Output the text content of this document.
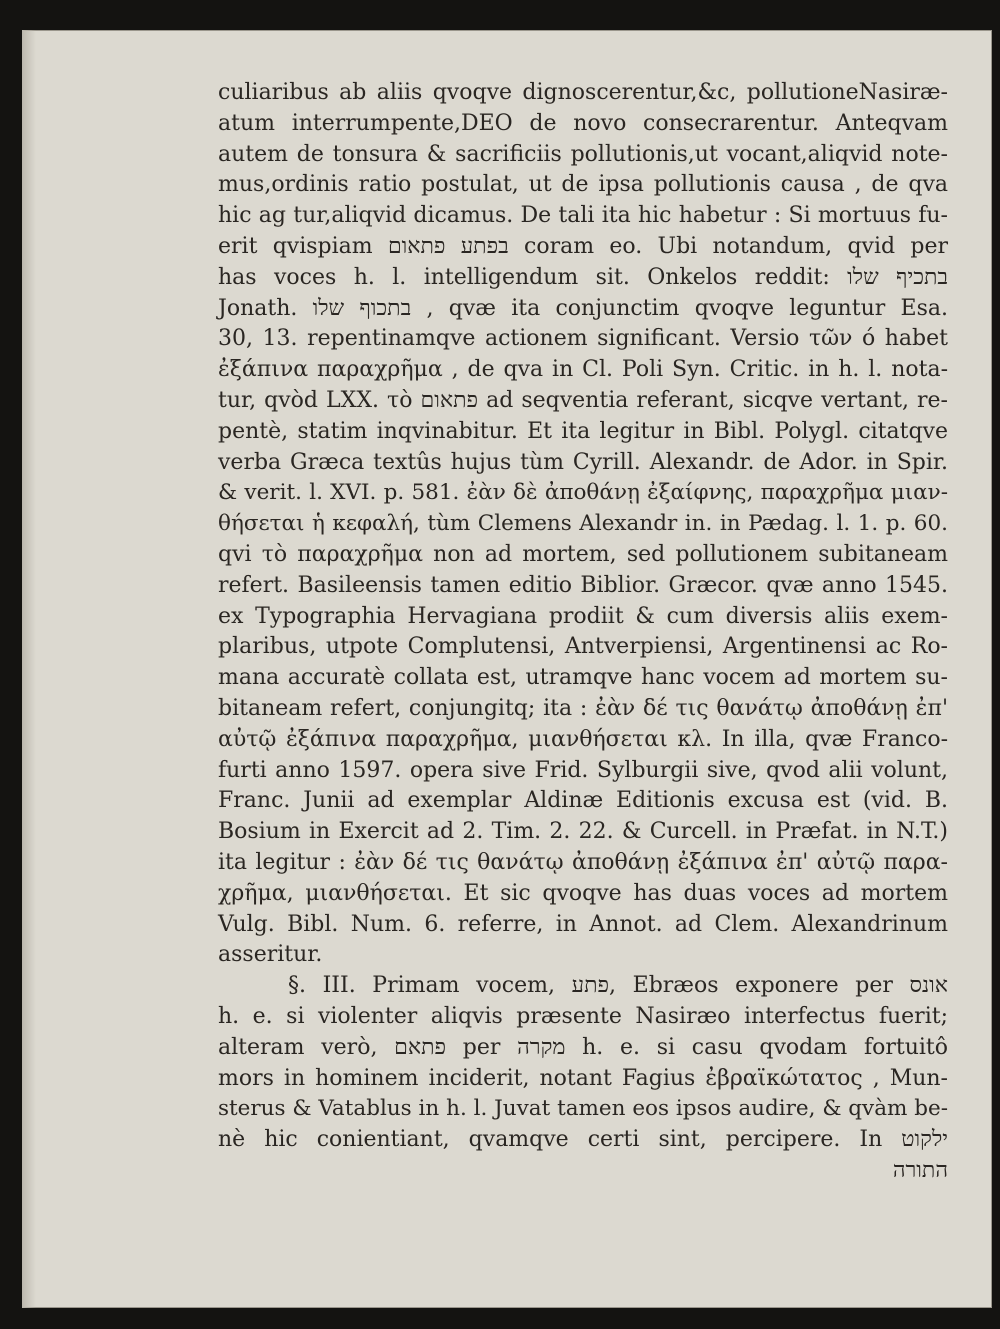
culiaribus ab aliis qvoqve dignoscerentur,&c, pollutioneNasiræ-
atum interrumpente,DEO de novo consecrarentur. Anteqvam
autem de tonsura & sacrificiis pollutionis,ut vocant,aliqvid note-
mus,ordinis ratio postulat, ut de ipsa pollutionis causa , de qva
hic ag tur,aliqvid dicamus. De tali ita hic habetur : Si mortuus fu-
erit qvispiam בפתע פתאום coram eo. Ubi notandum, qvid per
has voces h. l. intelligendum sit. Onkelos reddit: בתכיף שלו
Jonath. בתכוף שלו , qvæ ita conjunctim qvoqve leguntur Esa.
30, 13. repentinamqve actionem significant. Versio τῶν ό habet
ἐξάπινα παραχρῆμα , de qva in Cl. Poli Syn. Critic. in h. l. nota-
tur, qvòd LXX. τὸ פתאום ad seqventia referant, sicqve vertant, re-
pentè, statim inqvinabitur. Et ita legitur in Bibl. Polygl. citatqve
verba Græca textûs hujus tùm Cyrill. Alexandr. de Ador. in Spir.
& verit. l. XVI. p. 581. ἐὰν δὲ ἀποθάνῃ ἐξαίφνης, παραχρῆμα μιαν-
θήσεται ἡ κεφαλή, tùm Clemens Alexandr in. in Pædag. l. 1. p. 60.
qvi τὸ παραχρῆμα non ad mortem, sed pollutionem subitaneam
refert. Basileensis tamen editio Biblior. Græcor. qvæ anno 1545.
ex Typographia Hervagiana prodiit & cum diversis aliis exem-
plaribus, utpote Complutensi, Antverpiensi, Argentinensi ac Ro-
mana accuratè collata est, utramqve hanc vocem ad mortem su-
bitaneam refert, conjungitq; ita : ἐὰν δέ τις θανάτῳ ἀποθάνῃ ἐπ'
αὐτῷ ἐξάπινα παραχρῆμα, μιανθήσεται κλ. In illa, qvæ Franco-
furti anno 1597. opera sive Frid. Sylburgii sive, qvod alii volunt,
Franc. Junii ad exemplar Aldinæ Editionis excusa est (vid. B.
Bosium in Exercit ad 2. Tim. 2. 22. & Curcell. in Præfat. in N.T.)
ita legitur : ἐὰν δέ τις θανάτῳ ἀποθάνῃ ἐξάπινα ἐπ' αὐτῷ παρα-
χρῆμα, μιανθήσεται. Et sic qvoqve has duas voces ad mortem
Vulg. Bibl. Num. 6. referre, in Annot. ad Clem. Alexandrinum
asseritur.
§. III. Primam vocem, פתע, Ebræos exponere per אונס
h. e. si violenter aliqvis præsente Nasiræo interfectus fuerit;
alteram verò, פתאם per מקרה h. e. si casu qvodam fortuitô
mors in hominem inciderit, notant Fagius ἐβραϊκώτατος , Mun-
sterus & Vatablus in h. l. Juvat tamen eos ipsos audire, & qvàm be-
nè hic conientiant, qvamqve certi sint, percipere. In ילקוט
התורה
